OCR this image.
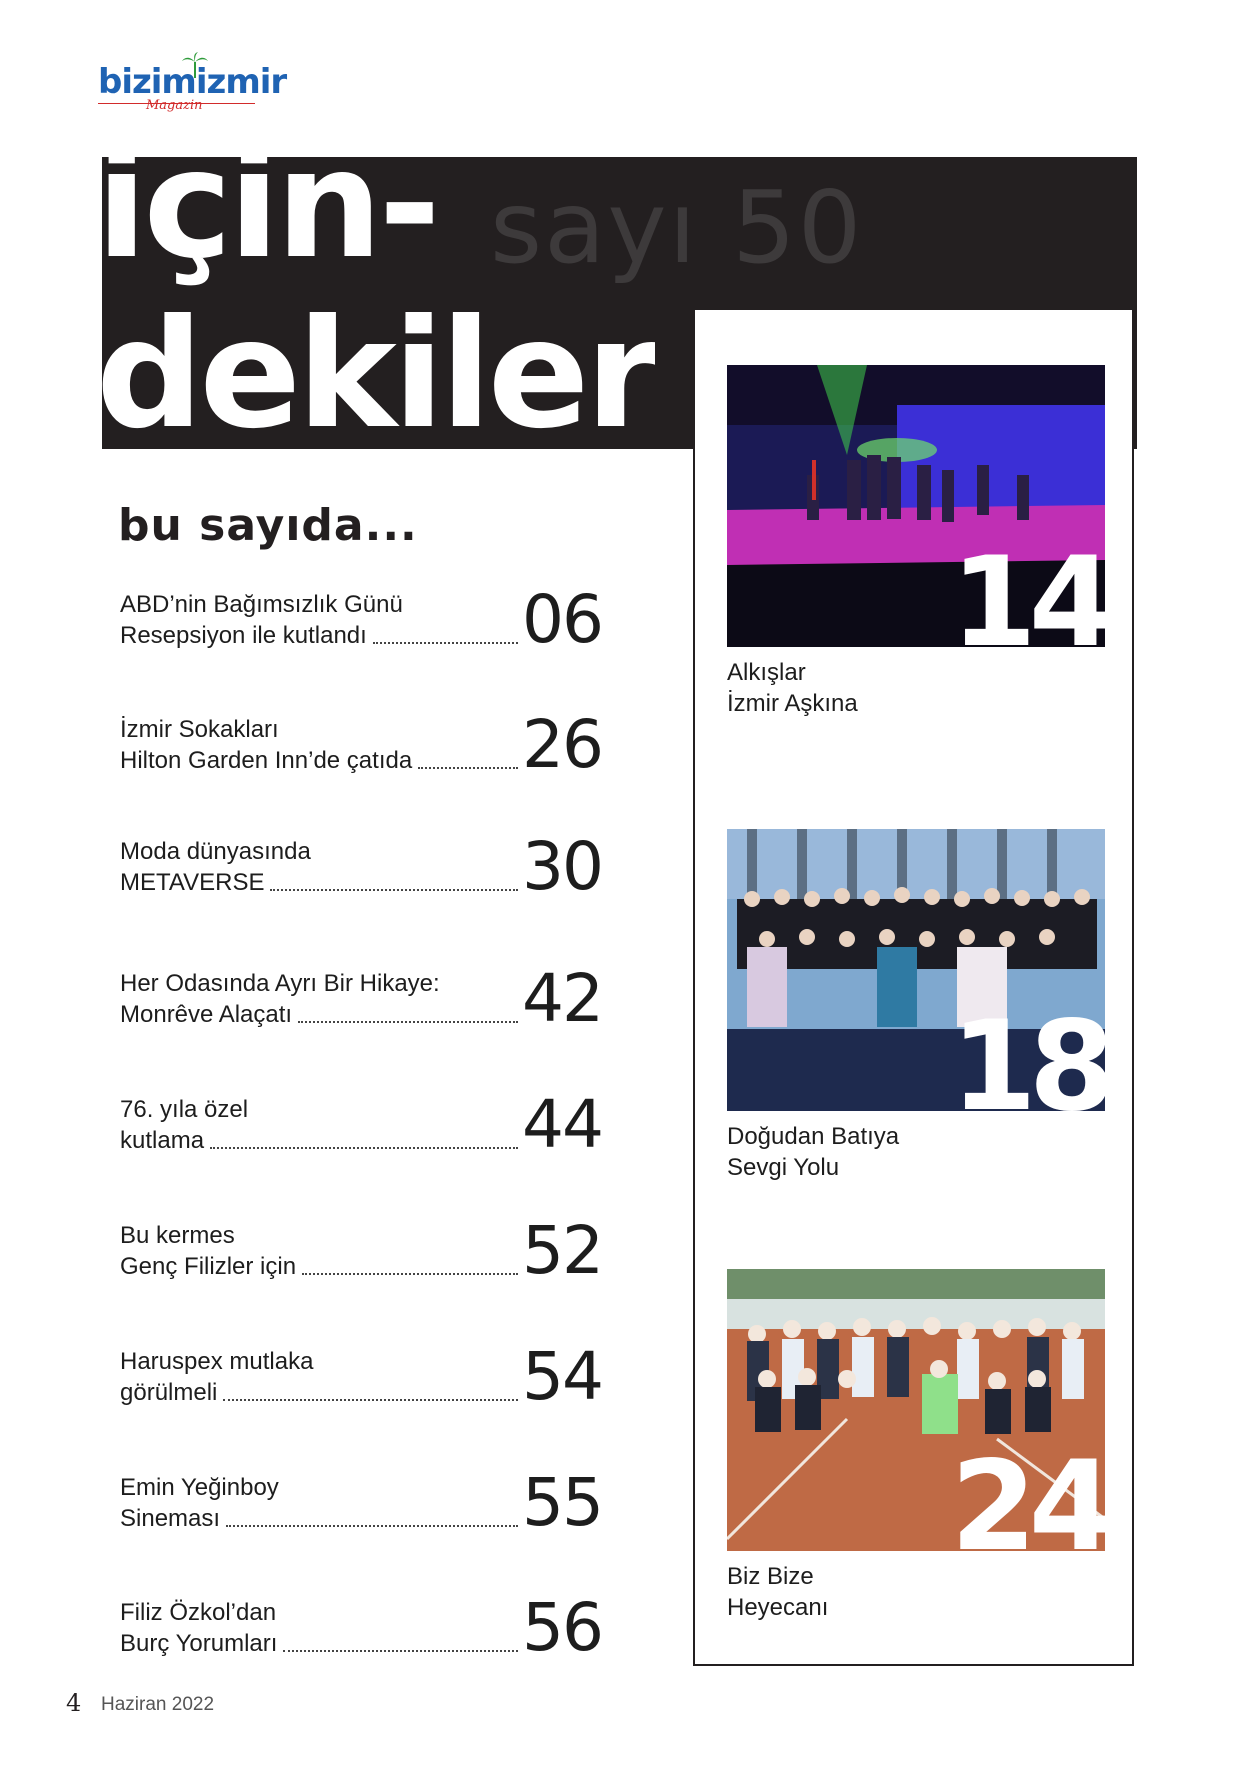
bizimizmir
Magazin
için-
dekiler
sayı 50
bu sayıda...
ABD’nin Bağımsızlık Günü
Resepsiyon ile kutlandı 06
İzmir Sokakları
Hilton Garden Inn’de çatıda 26
Moda dünyasında
METAVERSE	30
Her Odasında Ayrı Bir Hikaye:
Monrêve Alaçatı	42
76. yıla özel
kutlama	44
Bu kermes
Genç Filizler için	52
Haruspex mutlaka
görülmeli	54
Emin Yeğinboy
Sineması	55
Filiz Özkol’dan
Burç Yorumları	56
14
Alkışlar
İzmir Aşkına
18
Doğudan Batıya
Sevgi Yolu
24
Biz Bize
Heyecanı
4 Haziran 2022
